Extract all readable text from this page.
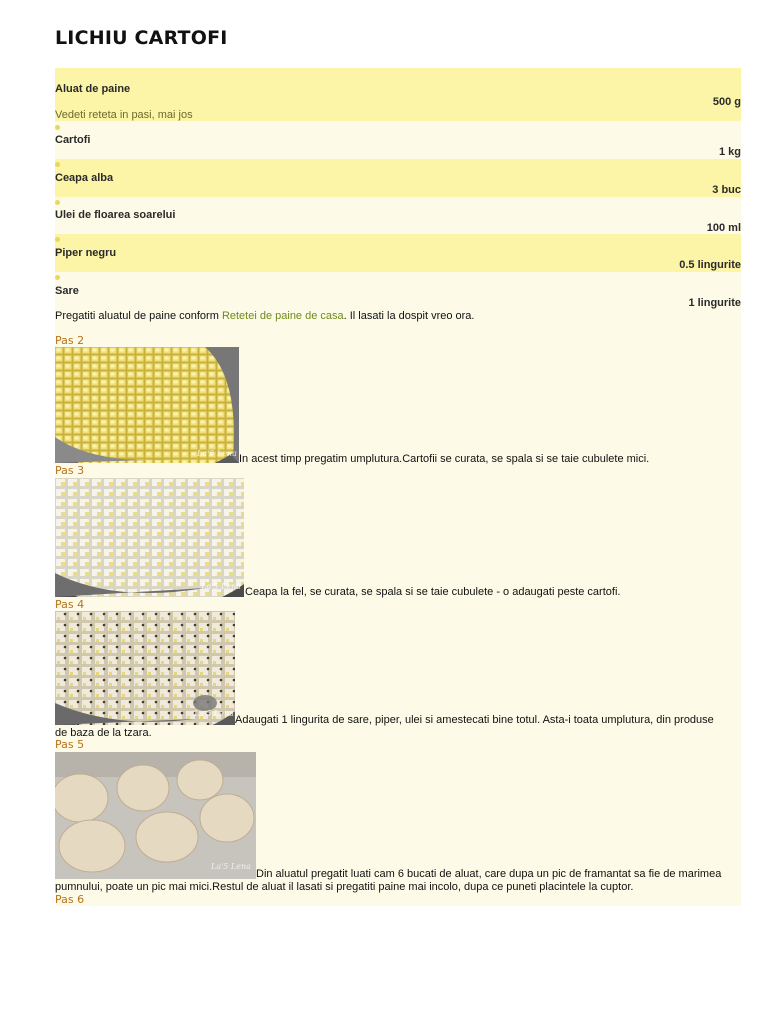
LICHIU CARTOFI
Aluat de paine
500 g
Vedeti reteta in pasi, mai jos
Cartofi
1 kg
Ceapa alba
3 buc
Ulei de floarea soarelui
100 ml
Piper negru
0.5 lingurite
Sare
1 lingurite
Pregatiti aluatul de paine conform Retetei de paine de casa. Il lasati la dospit vreo ora.
Pas 2
La'5 Lena In acest timp pregatim umplutura.Cartofii se curata, se spala si se taie cubulete mici.
Pas 3
La'5 Lena Ceapa la fel, se curata, se spala si se taie cubulete - o adaugati peste cartofi.
Pas 4
La'5 Lena
Adaugati 1 lingurita de sare, piper, ulei si amestecati bine totul. Asta-i toata umplutura, din produse de baza de la tzara.
Pas 5
La'5 Lena
Din aluatul pregatit luati cam 6 bucati de aluat, care dupa un pic de framantat sa fie de marimea pumnului, poate un pic mai mici.Restul de aluat il lasati si pregatiti paine mai incolo, dupa ce puneti placintele la cuptor.
Pas 6
